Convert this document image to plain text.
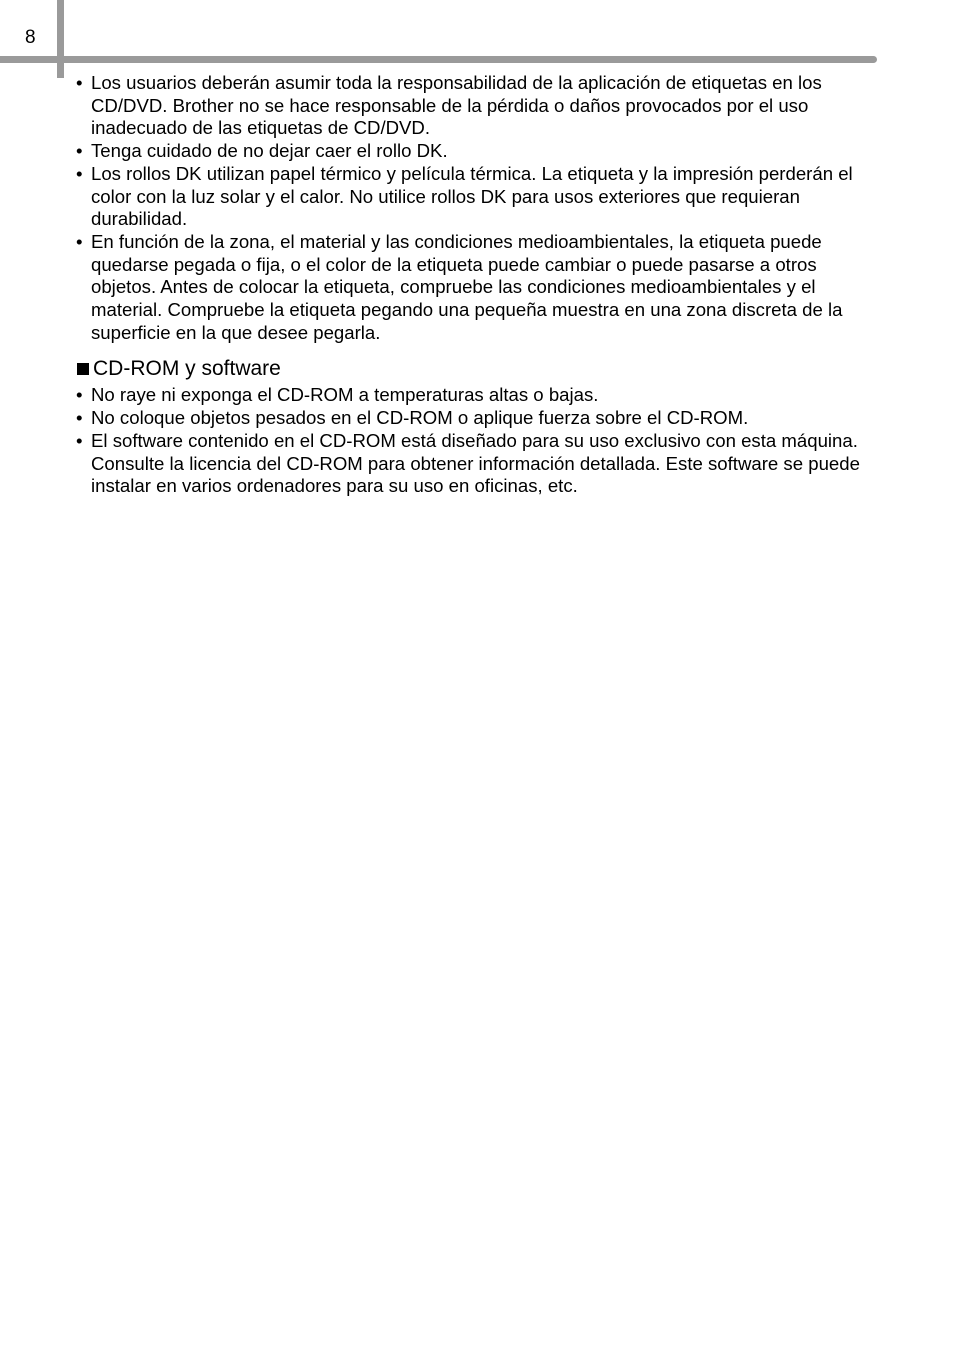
8
• Los usuarios deberán asumir toda la responsabilidad de la aplicación de etiquetas en los CD/DVD. Brother no se hace responsable de la pérdida o daños provocados por el uso inadecuado de las etiquetas de CD/DVD.
• Tenga cuidado de no dejar caer el rollo DK.
• Los rollos DK utilizan papel térmico y película térmica. La etiqueta y la impresión perderán el color con la luz solar y el calor. No utilice rollos DK para usos exteriores que requieran durabilidad.
• En función de la zona, el material y las condiciones medioambientales, la etiqueta puede quedarse pegada o fija, o el color de la etiqueta puede cambiar o puede pasarse a otros objetos. Antes de colocar la etiqueta, compruebe las condiciones medioambientales y el material. Compruebe la etiqueta pegando una pequeña muestra en una zona discreta de la superficie en la que desee pegarla.
CD-ROM y software
• No raye ni exponga el CD-ROM a temperaturas altas o bajas.
• No coloque objetos pesados en el CD-ROM o aplique fuerza sobre el CD-ROM.
• El software contenido en el CD-ROM está diseñado para su uso exclusivo con esta máquina. Consulte la licencia del CD-ROM para obtener información detallada. Este software se puede instalar en varios ordenadores para su uso en oficinas, etc.
